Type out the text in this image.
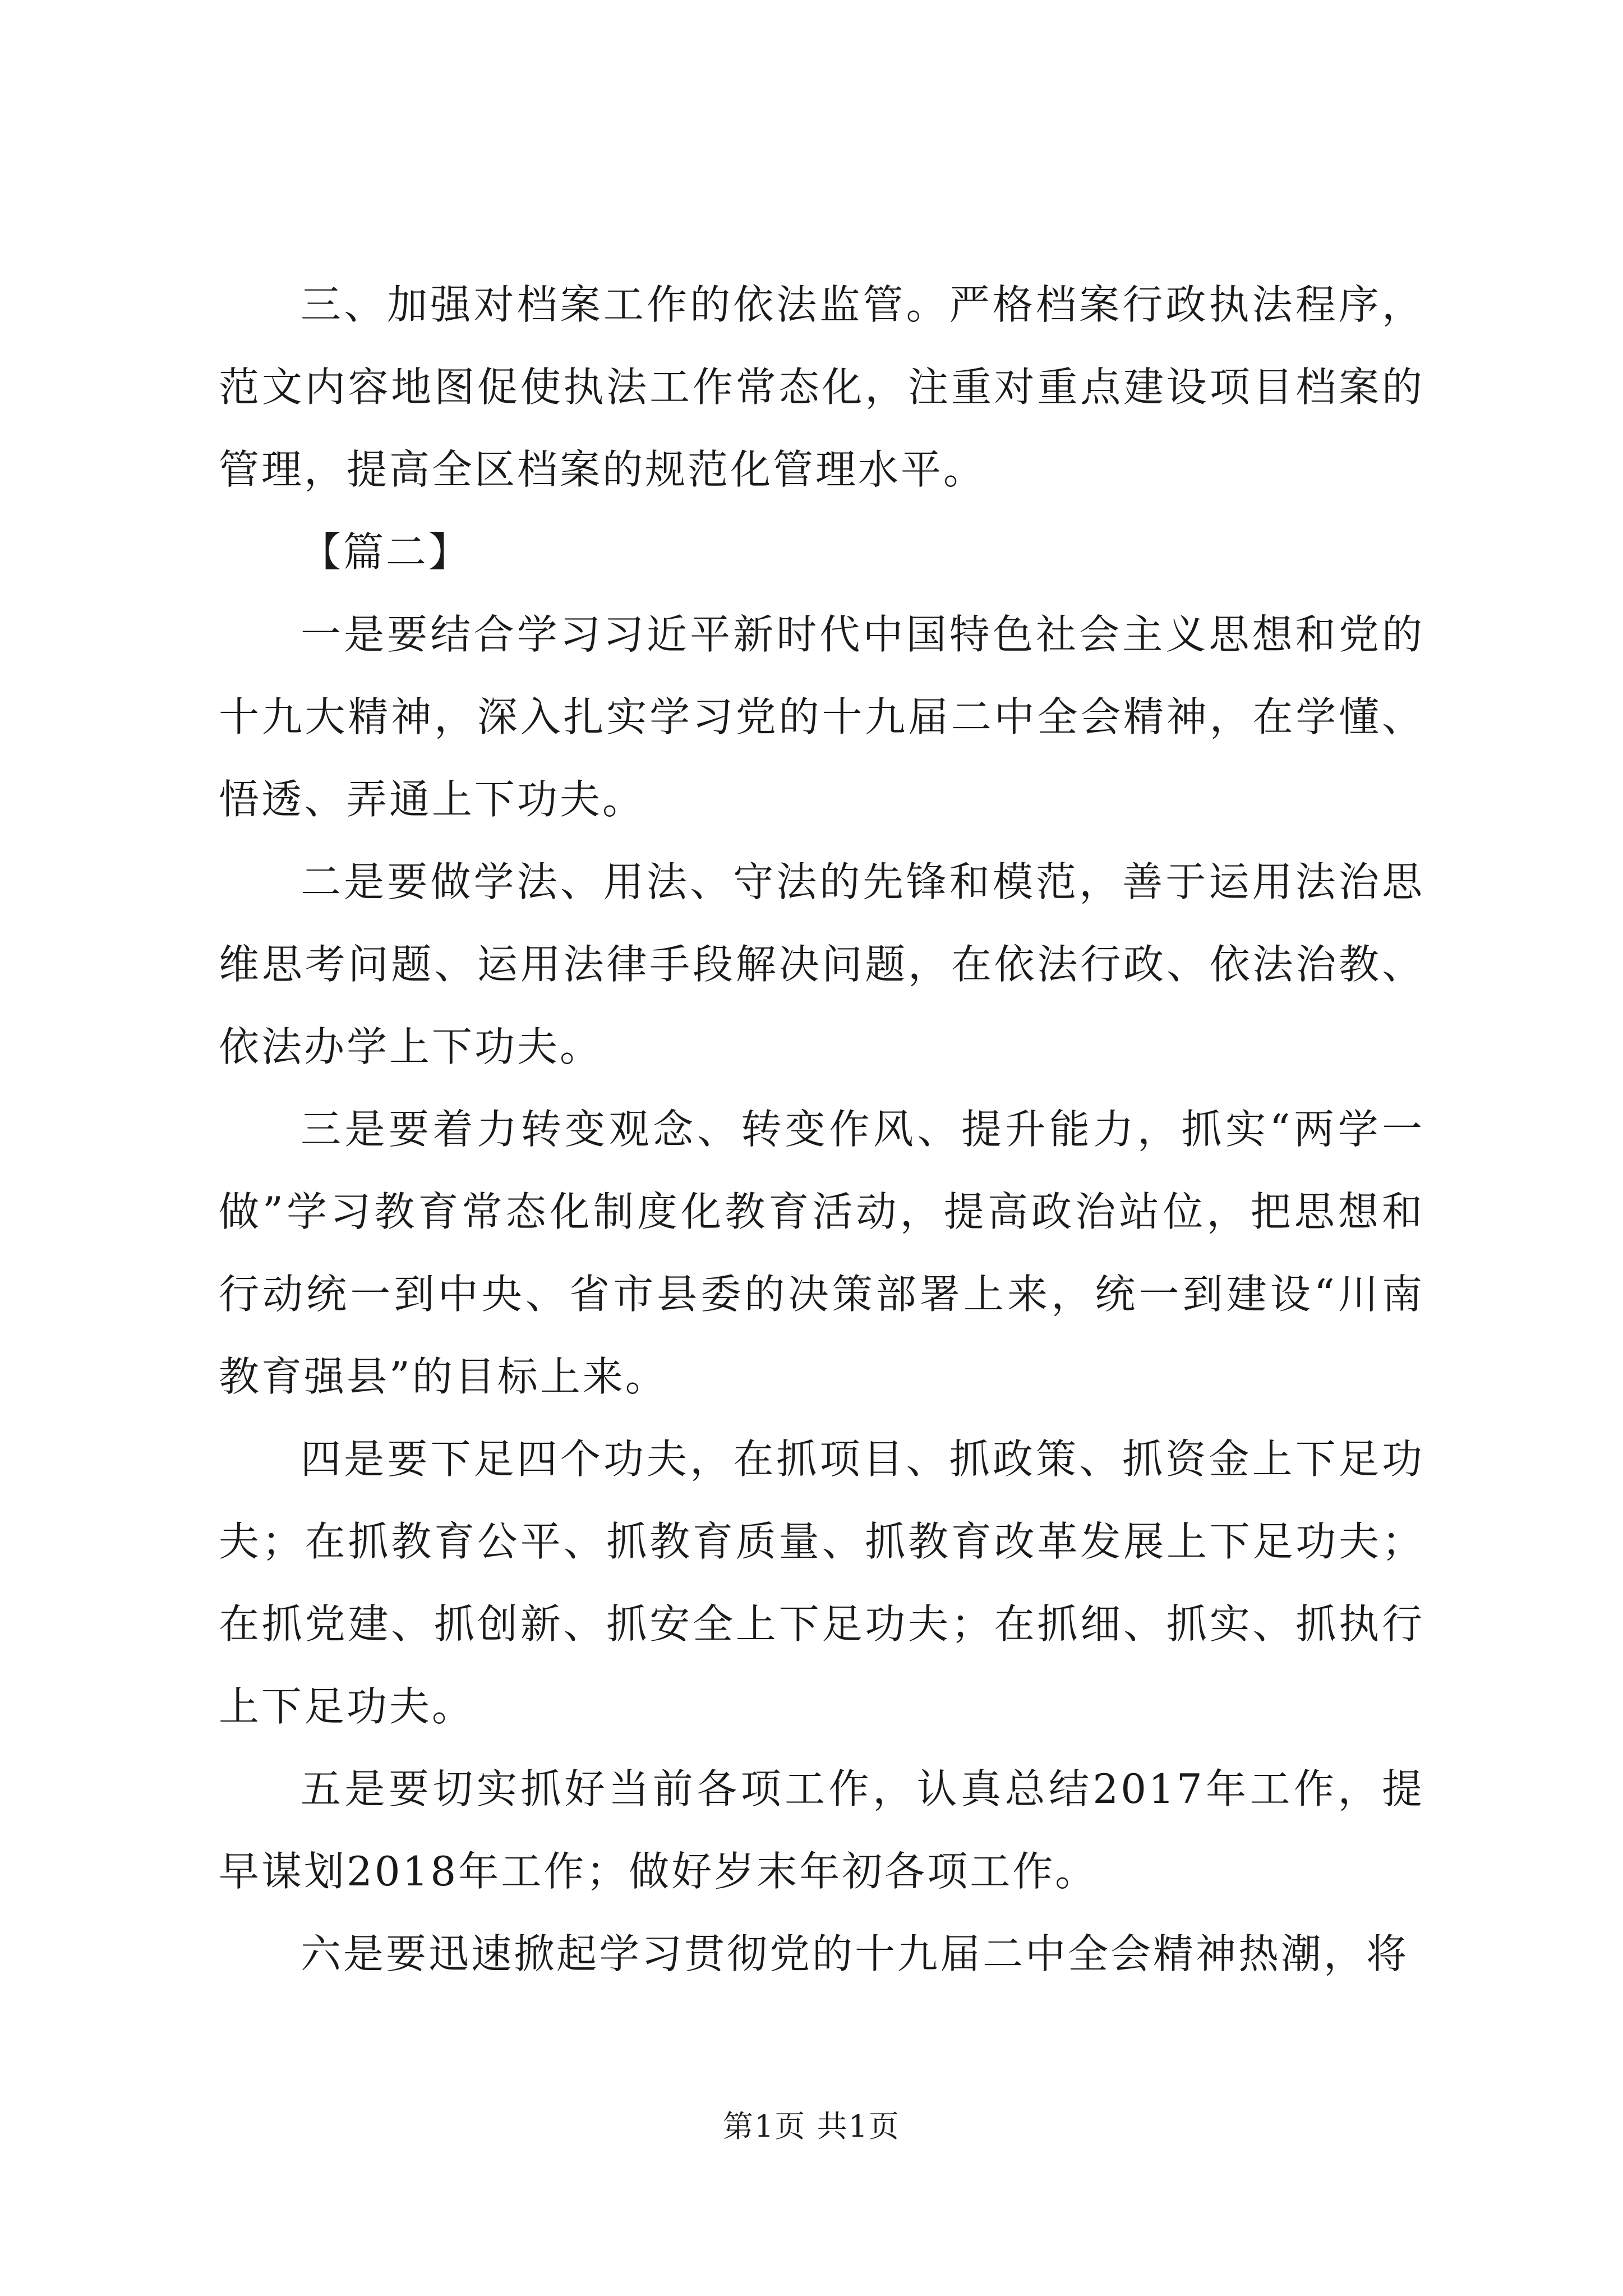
三、加强对档案工作的依法监管。严格档案行政执法程序，范文内容地图促使执法工作常态化，注重对重点建设项目档案的管理，提高全区档案的规范化管理水平。

【篇二】

一是要结合学习习近平新时代中国特色社会主义思想和党的十九大精神，深入扎实学习党的十九届二中全会精神，在学懂、悟透、弄通上下功夫。

二是要做学法、用法、守法的先锋和模范，善于运用法治思维思考问题、运用法律手段解决问题，在依法行政、依法治教、依法办学上下功夫。

三是要着力转变观念、转变作风、提升能力，抓实“两学一做”学习教育常态化制度化教育活动，提高政治站位，把思想和行动统一到中央、省市县委的决策部署上来，统一到建设“川南教育强县”的目标上来。

四是要下足四个功夫，在抓项目、抓政策、抓资金上下足功夫；在抓教育公平、抓教育质量、抓教育改革发展上下足功夫；在抓党建、抓创新、抓安全上下足功夫；在抓细、抓实、抓执行上下足功夫。

五是要切实抓好当前各项工作，认真总结2017年工作，提早谋划2018年工作；做好岁末年初各项工作。

六是要迅速掀起学习贯彻党的十九届二中全会精神热潮，将

第1页 共1页
